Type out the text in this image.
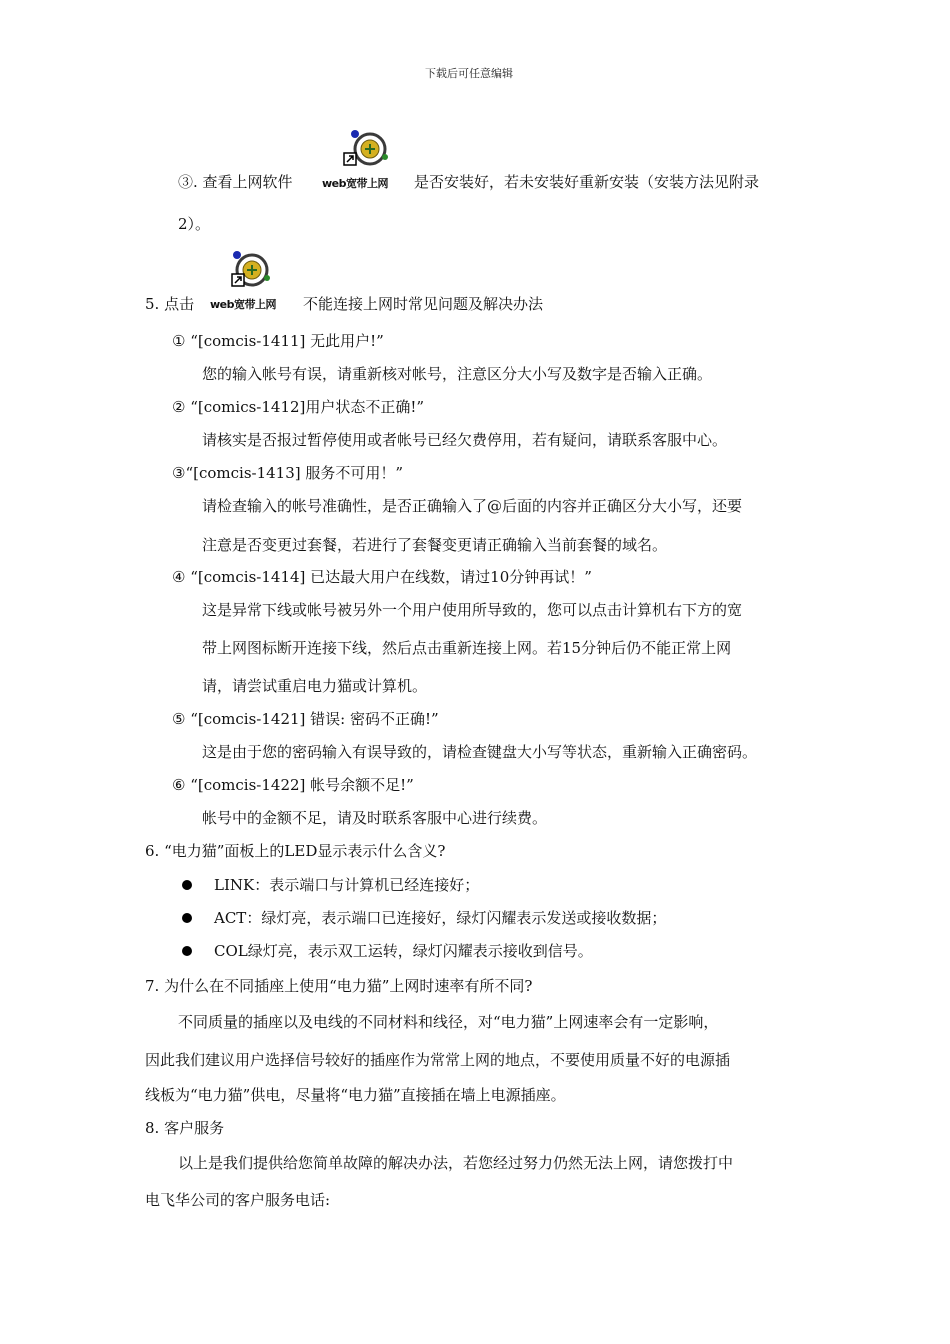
下载后可任意编辑
③. 查看上网软件	web宽带上网 是否安装好，若未安装好重新安装（安装方法见附录
2）。
5. 点击 web宽带上网 不能连接上网时常见问题及解决办法
① “[comcis-1411] 无此用户!”
您的输入帐号有误，请重新核对帐号，注意区分大小写及数字是否输入正确。
② “[comics-1412]用户状态不正确!”
请核实是否报过暂停使用或者帐号已经欠费停用，若有疑问，请联系客服中心。
③“[comcis-1413] 服务不可用！”
请检查输入的帐号准确性，是否正确输入了@后面的内容并正确区分大小写，还要
注意是否变更过套餐，若进行了套餐变更请正确输入当前套餐的域名。
④ “[comcis-1414] 已达最大用户在线数，请过10分钟再试！”
这是异常下线或帐号被另外一个用户使用所导致的，您可以点击计算机右下方的宽
带上网图标断开连接下线，然后点击重新连接上网。若15分钟后仍不能正常上网
请，请尝试重启电力猫或计算机。
⑤ “[comcis-1421] 错误: 密码不正确!”
这是由于您的密码输入有误导致的，请检查键盘大小写等状态，重新输入正确密码。
⑥ “[comcis-1422] 帐号余额不足!”
帐号中的金额不足，请及时联系客服中心进行续费。
6. “电力猫”面板上的LED显示表示什么含义?
LINK：表示端口与计算机已经连接好；
ACT：绿灯亮，表示端口已连接好，绿灯闪耀表示发送或接收数据；
COL绿灯亮，表示双工运转，绿灯闪耀表示接收到信号。
7. 为什么在不同插座上使用“电力猫”上网时速率有所不同?
不同质量的插座以及电线的不同材料和线径，对“电力猫”上网速率会有一定影响，
因此我们建议用户选择信号较好的插座作为常常上网的地点，不要使用质量不好的电源插
线板为“电力猫”供电，尽量将“电力猫”直接插在墙上电源插座。
8. 客户服务
以上是我们提供给您简单故障的解决办法，若您经过努力仍然无法上网，请您拨打中
电飞华公司的客户服务电话:
